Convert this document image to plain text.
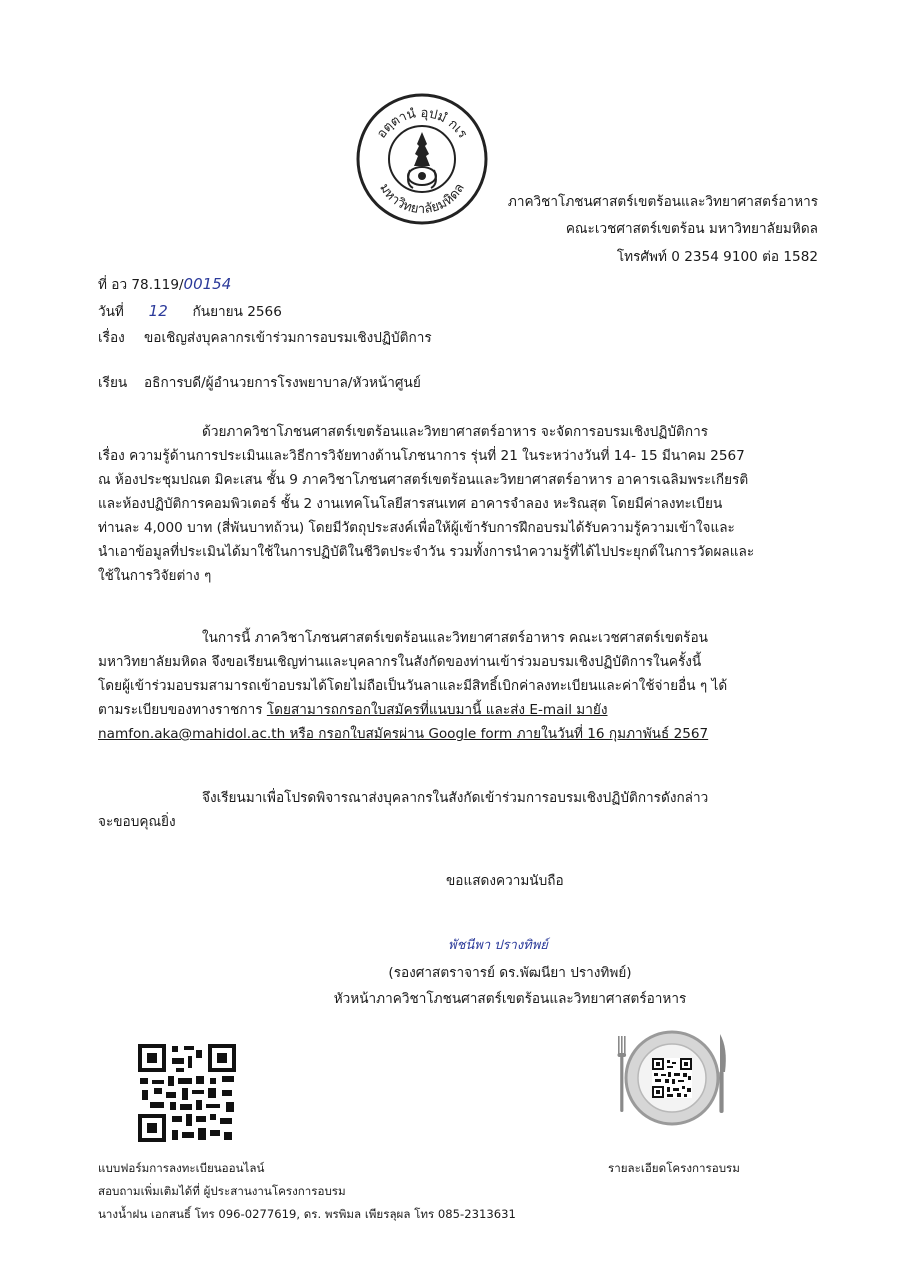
อตฺตานํ อุปมํ กเร
มหาวิทยาลัยมหิดล
ภาควิชาโภชนศาสตร์เขตร้อนและวิทยาศาสตร์อาหาร
คณะเวชศาสตร์เขตร้อน มหาวิทยาลัยมหิดล
โทรศัพท์ 0 2354 9100 ต่อ 1582
ที่ อว 78.119/00154
วันที่ 12 กันยายน 2566
เรื่อง ขอเชิญส่งบุคลากรเข้าร่วมการอบรมเชิงปฏิบัติการ
เรียน อธิการบดี/ผู้อำนวยการโรงพยาบาล/หัวหน้าศูนย์
ด้วยภาควิชาโภชนศาสตร์เขตร้อนและวิทยาศาสตร์อาหาร จะจัดการอบรมเชิงปฏิบัติการ
เรื่อง ความรู้ด้านการประเมินและวิธีการวิจัยทางด้านโภชนาการ รุ่นที่ 21 ในระหว่างวันที่ 14- 15 มีนาคม 2567
ณ ห้องประชุมปณต มิคะเสน ชั้น 9 ภาควิชาโภชนศาสตร์เขตร้อนและวิทยาศาสตร์อาหาร อาคารเฉลิมพระเกียรติ
และห้องปฏิบัติการคอมพิวเตอร์ ชั้น 2 งานเทคโนโลยีสารสนเทศ อาคารจำลอง หะริณสุต โดยมีค่าลงทะเบียน
ท่านละ 4,000 บาท (สี่พันบาทถ้วน) โดยมีวัตถุประสงค์เพื่อให้ผู้เข้ารับการฝึกอบรมได้รับความรู้ความเข้าใจและ
นำเอาข้อมูลที่ประเมินได้มาใช้ในการปฏิบัติในชีวิตประจำวัน รวมทั้งการนำความรู้ที่ได้ไปประยุกต์ในการวัดผลและ
ใช้ในการวิจัยต่าง ๆ
ในการนี้ ภาควิชาโภชนศาสตร์เขตร้อนและวิทยาศาสตร์อาหาร คณะเวชศาสตร์เขตร้อน
มหาวิทยาลัยมหิดล จึงขอเรียนเชิญท่านและบุคลากรในสังกัดของท่านเข้าร่วมอบรมเชิงปฏิบัติการในครั้งนี้
โดยผู้เข้าร่วมอบรมสามารถเข้าอบรมได้โดยไม่ถือเป็นวันลาและมีสิทธิ์เบิกค่าลงทะเบียนและค่าใช้จ่ายอื่น ๆ ได้
ตามระเบียบของทางราชการ โดยสามารถกรอกใบสมัครที่แนบมานี้ และส่ง E-mail มายัง
namfon.aka@mahidol.ac.th หรือ กรอกใบสมัครผ่าน Google form ภายในวันที่ 16 กุมภาพันธ์ 2567
จึงเรียนมาเพื่อโปรดพิจารณาส่งบุคลากรในสังกัดเข้าร่วมการอบรมเชิงปฏิบัติการดังกล่าว
จะขอบคุณยิ่ง
ขอแสดงความนับถือ
พัชนีพา ปรางทิพย์
(รองศาสตราจารย์ ดร.พัฒนียา ปรางทิพย์)
หัวหน้าภาควิชาโภชนศาสตร์เขตร้อนและวิทยาศาสตร์อาหาร
แบบฟอร์มการลงทะเบียนออนไลน์	รายละเอียดโครงการอบรม
สอบถามเพิ่มเติมได้ที่ ผู้ประสานงานโครงการอบรม
นางน้ำฝน เอกสนธิ์ โทร 096-0277619, ดร. พรพิมล เพียรลุผล โทร 085-2313631
